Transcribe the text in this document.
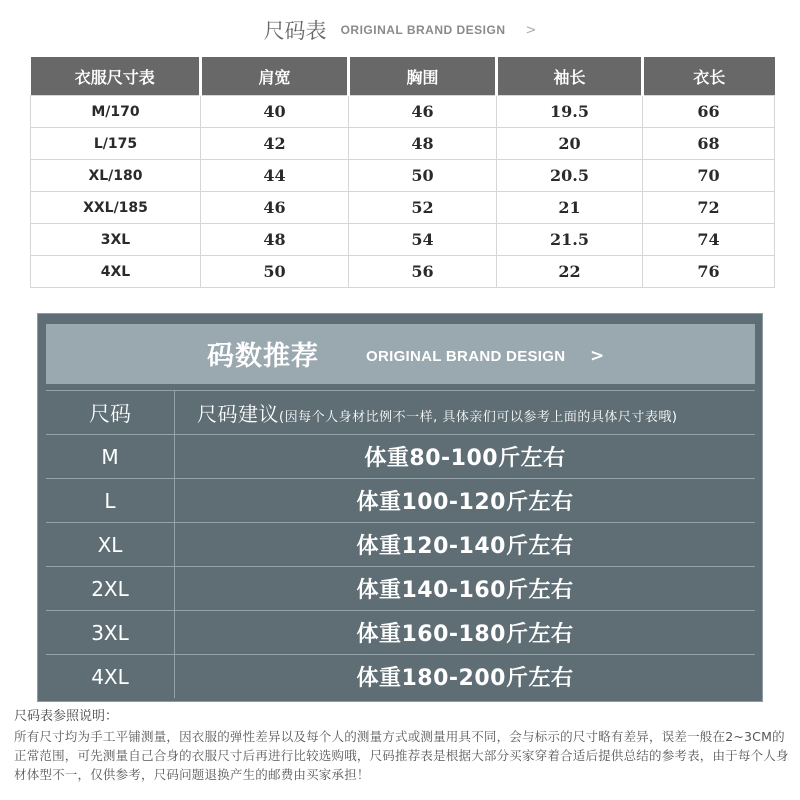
尺码表 ORIGINAL BRAND DESIGN >
衣服尺寸表	肩宽	胸围	袖长	衣长
M/170	40	46	19.5	66
L/175	42	48	20	68
XL/180	44	50	20.5	70
XXL/185	46	52	21	72
3XL	48	54	21.5	74
4XL	50	56	22	76
码数推荐	ORIGINAL BRAND DESIGN >
尺码	尺码建议(因每个人身材比例不一样, 具体亲们可以参考上面的具体尺寸表哦)
M	体重80-100斤左右
L	体重100-120斤左右
XL	体重120-140斤左右
2XL	体重140-160斤左右
3XL	体重160-180斤左右
4XL	体重180-200斤左右
尺码表参照说明：
所有尺寸均为手工平铺测量，因衣服的弹性差异以及每个人的测量方式或测量用具不同，会与标示的尺寸略有差异，误差一般在2~3CM的正常范围，可先测量自己合身的衣服尺寸后再进行比较选购哦，尺码推荐表是根据大部分买家穿着合适后提供总结的参考表，由于每个人身材体型不一，仅供参考，尺码问题退换产生的邮费由买家承担！
